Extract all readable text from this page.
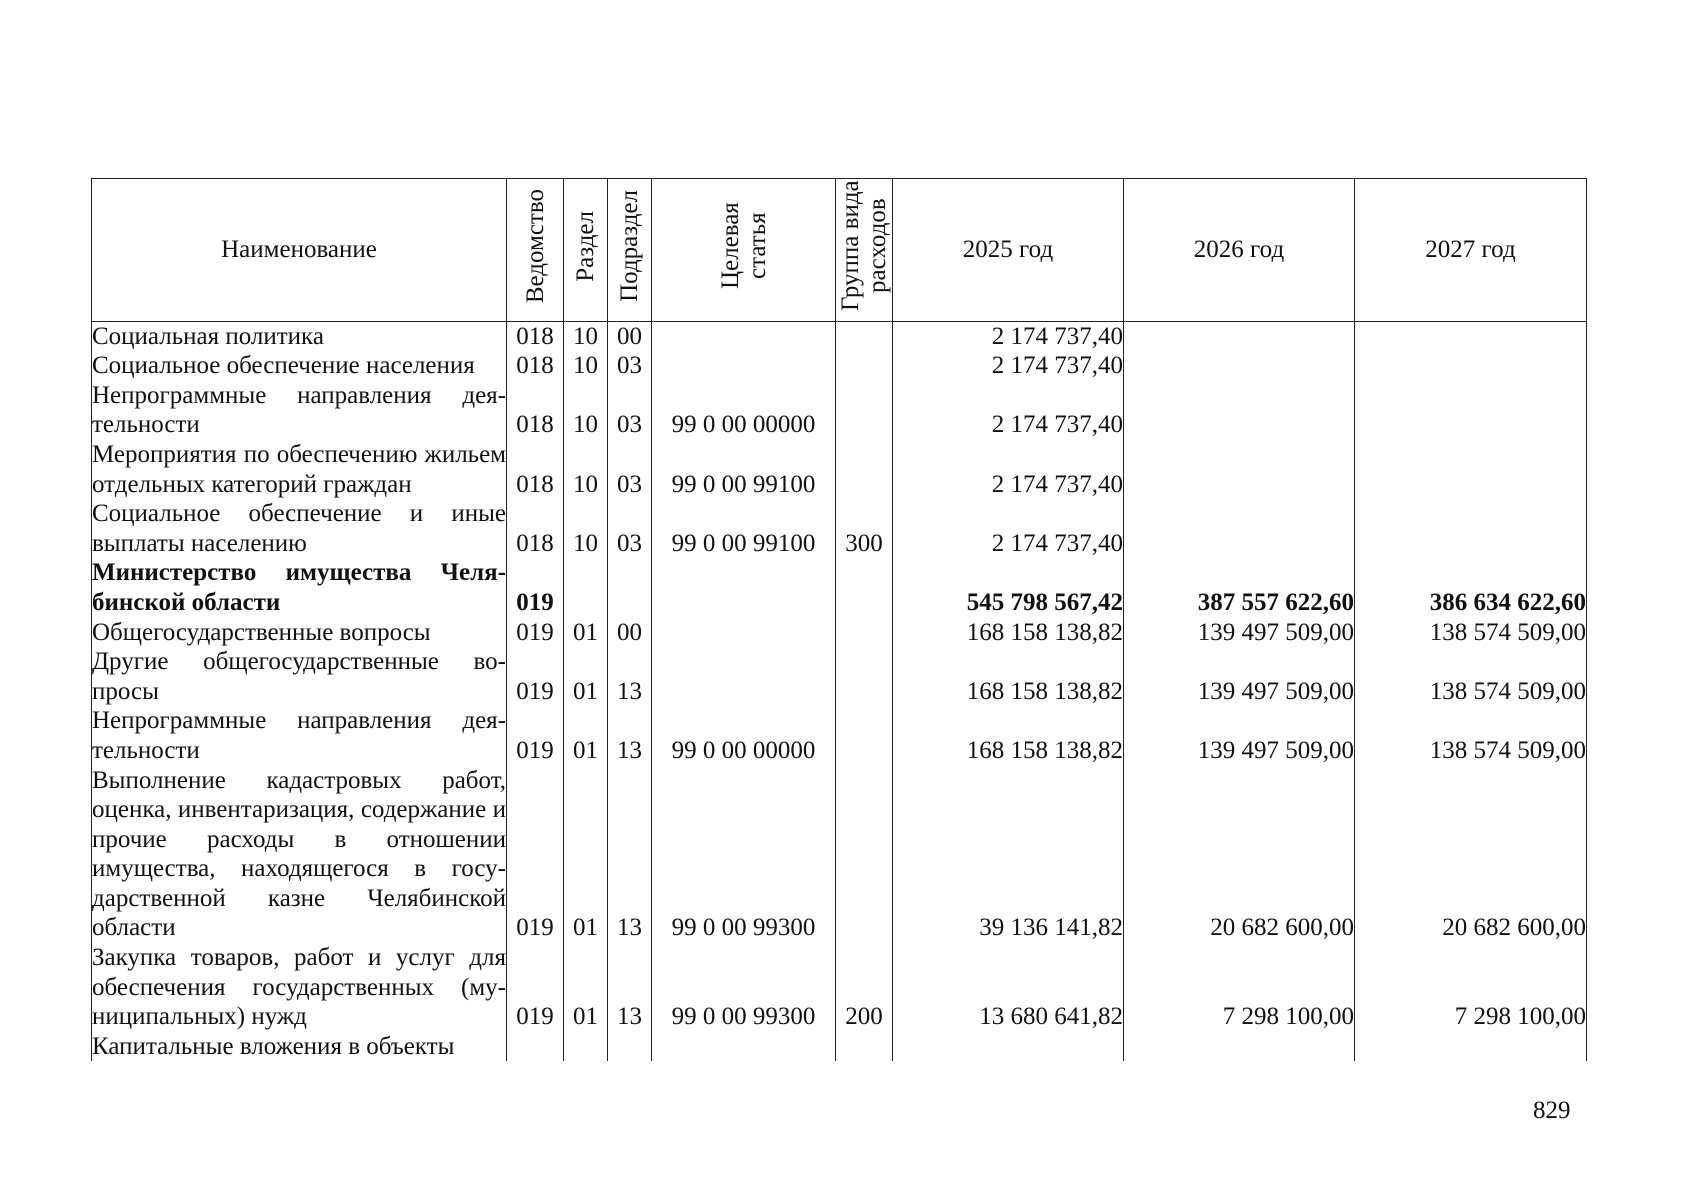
Наименование	Ведомство	Раздел	Подраздел	Целевая статья	Группа вида расходов	2025 год	2026 год	2027 год
Социальная политика	018	10	00			2 174 737,40		
Социальное обеспечение населения	018	10	03			2 174 737,40		
Непрограммные направления деятельности	018	10	03	99 0 00 00000		2 174 737,40		
Мероприятия по обеспечению жильем отдельных категорий граждан	018	10	03	99 0 00 99100		2 174 737,40		
Социальное обеспечение и иные выплаты населению	018	10	03	99 0 00 99100	300	2 174 737,40		
Министерство имущества Челябинской области	019					545 798 567,42	387 557 622,60	386 634 622,60
Общегосударственные вопросы	019	01	00			168 158 138,82	139 497 509,00	138 574 509,00
Другие общегосударственные вопросы	019	01	13			168 158 138,82	139 497 509,00	138 574 509,00
Непрограммные направления деятельности	019	01	13	99 0 00 00000		168 158 138,82	139 497 509,00	138 574 509,00
Выполнение кадастровых работ, оценка, инвентаризация, содержание и прочие расходы в отношении имущества, находящегося в государственной казне Челябинской области	019	01	13	99 0 00 99300		39 136 141,82	20 682 600,00	20 682 600,00
Закупка товаров, работ и услуг для обеспечения государственных (муниципальных) нужд	019	01	13	99 0 00 99300	200	13 680 641,82	7 298 100,00	7 298 100,00
Капитальные вложения в объекты								
829
